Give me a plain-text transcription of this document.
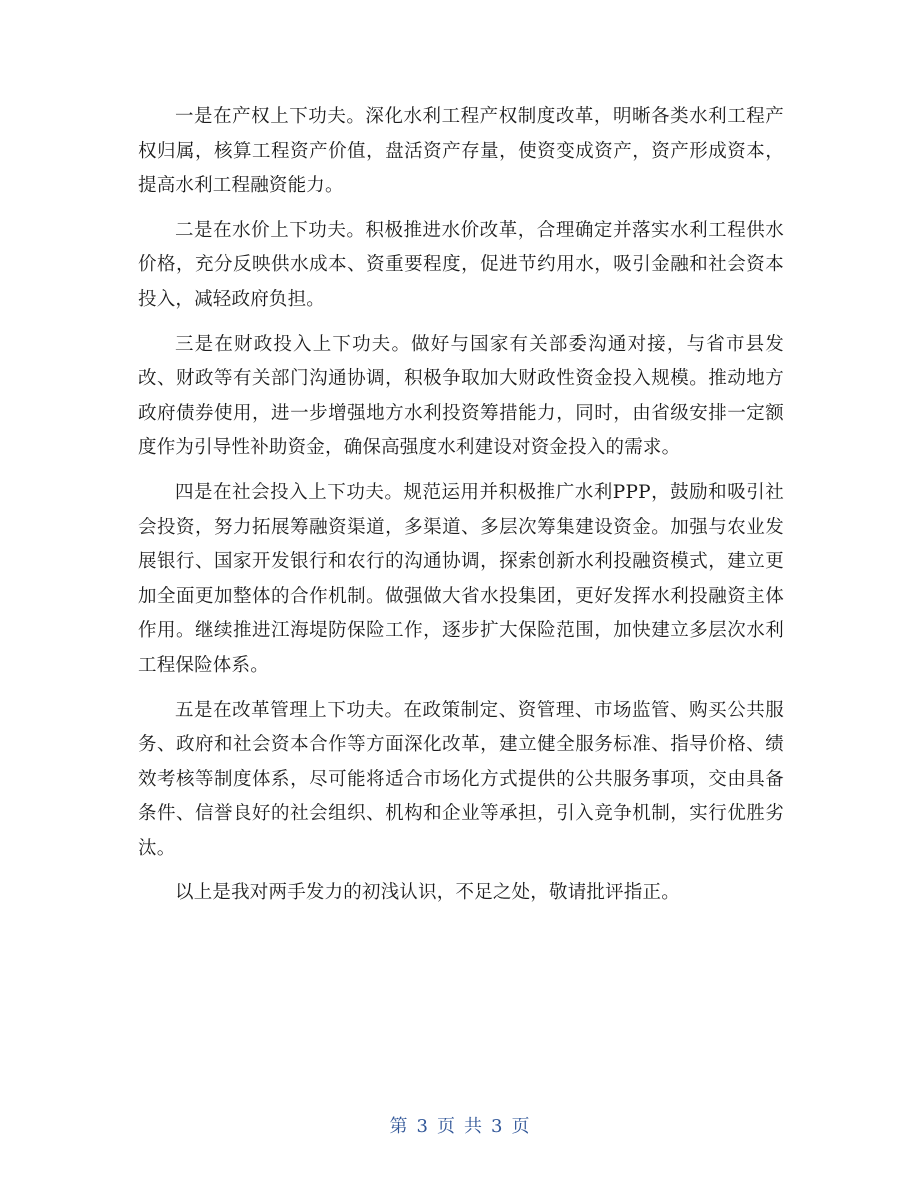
一是在产权上下功夫。深化水利工程产权制度改革，明晰各类水利工程产权归属，核算工程资产价值，盘活资产存量，使资变成资产，资产形成资本，提高水利工程融资能力。

二是在水价上下功夫。积极推进水价改革，合理确定并落实水利工程供水价格，充分反映供水成本、资重要程度，促进节约用水，吸引金融和社会资本投入，减轻政府负担。

三是在财政投入上下功夫。做好与国家有关部委沟通对接，与省市县发改、财政等有关部门沟通协调，积极争取加大财政性资金投入规模。推动地方政府债券使用，进一步增强地方水利投资筹措能力，同时，由省级安排一定额度作为引导性补助资金，确保高强度水利建设对资金投入的需求。

四是在社会投入上下功夫。规范运用并积极推广水利PPP，鼓励和吸引社会投资，努力拓展筹融资渠道，多渠道、多层次筹集建设资金。加强与农业发展银行、国家开发银行和农行的沟通协调，探索创新水利投融资模式，建立更加全面更加整体的合作机制。做强做大省水投集团，更好发挥水利投融资主体作用。继续推进江海堤防保险工作，逐步扩大保险范围，加快建立多层次水利工程保险体系。

五是在改革管理上下功夫。在政策制定、资管理、市场监管、购买公共服务、政府和社会资本合作等方面深化改革，建立健全服务标准、指导价格、绩效考核等制度体系，尽可能将适合市场化方式提供的公共服务事项，交由具备条件、信誉良好的社会组织、机构和企业等承担，引入竞争机制，实行优胜劣汰。

以上是我对两手发力的初浅认识，不足之处，敬请批评指正。

第 3 页 共 3 页
